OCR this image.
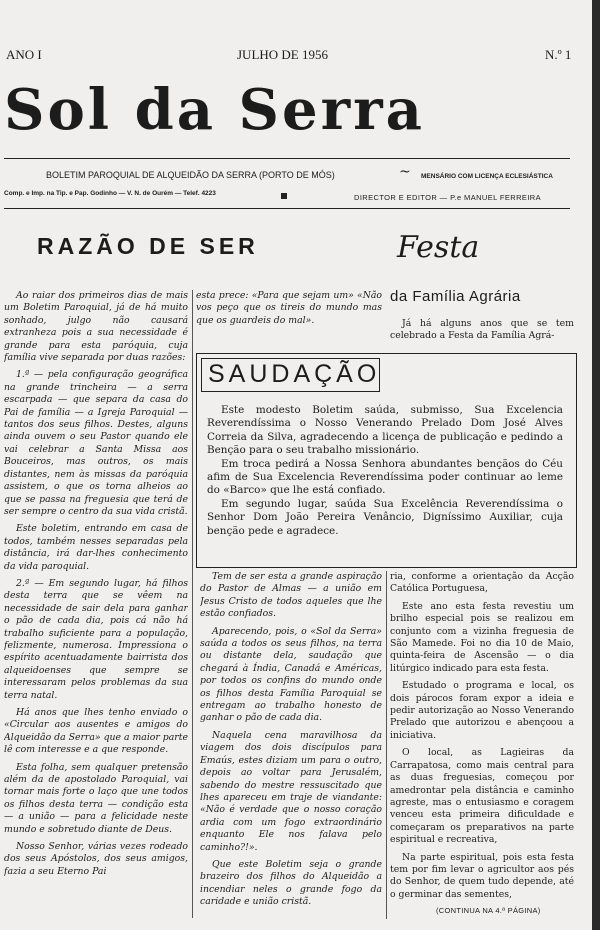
ANO I	JULHO DE 1956	N.º 1
Sol da Serra
BOLETIM PAROQUIAL DE ALQUEIDÃO DA SERRA (PORTO DE MÓS)	~ MENSÁRIO COM LICENÇA ECLESIÁSTICA
Comp. e Imp. na Tip. e Pap. Godinho — V. N. de Ourém — Telef. 4223	DIRECTOR E EDITOR — P.e MANUEL FERREIRA
RAZÃO DE SER

Ao raiar dos primeiros dias de mais um Boletim Paroquial, já de há muito sonhado, julgo não causará extranheza pois a sua necessidade é grande para esta paróquia, cuja família vive separada por duas razões:

1.ª — pela configuração geográfica na grande trincheira — a serra escarpada — que separa da casa do Pai de família — a Igreja Paroquial — tantos dos seus filhos. Destes, alguns ainda ouvem o seu Pastor quando ele vai celebrar a Santa Missa aos Bouceiros, mas outros, os mais distantes, nem às missas da paróquia assistem, o que os torna alheios ao que se passa na freguesia que terá de ser sempre o centro da sua vida cristã.

Este boletim, entrando em casa de todos, também nesses separadas pela distância, irá dar-lhes conhecimento da vida paroquial.

2.ª — Em segundo lugar, há filhos desta terra que se vêem na necessidade de sair dela para ganhar o pão de cada dia, pois cá não há trabalho suficiente para a população, felizmente, numerosa. Impressiona o espírito acentuadamente bairrista dos alqueidoenses que sempre se interessaram pelos problemas da sua terra natal.

Há anos que lhes tenho enviado o «Circular aos ausentes e amigos do Alqueidão da Serra» que a maior parte lê com interesse e a que responde.

Esta folha, sem qualquer pretensão além da de apostolado Paroquial, vai tornar mais forte o laço que une todos os filhos desta terra — condição esta — a união — para a felicidade neste mundo e sobretudo diante de Deus.

Nosso Senhor, várias vezes rodeado dos seus Apóstolos, dos seus amigos, fazia a seu Eterno Pai

esta prece: «Para que sejam um» «Não vos peço que os tireis do mundo mas que os guardeis do mal».

Festa
da Família Agrária

Já há alguns anos que se tem celebrado a Festa da Família Agrá-

SAUDAÇÃO

Este modesto Boletim saúda, submisso, Sua Excelencia Reverendíssima o Nosso Venerando Prelado Dom José Alves Correia da Silva, agradecendo a licença de publicação e pedindo a Benção para o seu trabalho missionário.

Em troca pedirá a Nossa Senhora abundantes bençãos do Céu afim de Sua Excelencia Reverendíssima poder continuar ao leme do «Barco» que lhe está confiado.

Em segundo lugar, saúda Sua Excelência Reverendíssima o Senhor Dom João Pereira Venâncio, Digníssimo Auxiliar, cuja benção pede e agradece.

Tem de ser esta a grande aspiração do Pastor de Almas — a união em Jesus Cristo de todos aqueles que lhe estão confiados.

Aparecendo, pois, o «Sol da Serra» saúda a todos os seus filhos, na terra ou distante dela, saudação que chegará à Índia, Canadá e Américas, por todos os confins do mundo onde os filhos desta Família Paroquial se entregam ao trabalho honesto de ganhar o pão de cada dia.

Naquela cena maravilhosa da viagem dos dois discípulos para Emaús, estes diziam um para o outro, depois ao voltar para Jerusalém, sabendo do mestre ressuscitado que lhes apareceu em traje de viandante: «Não é verdade que o nosso coração ardia com um fogo extraordinário enquanto Ele nos falava pelo caminho?!».

Que este Boletim seja o grande brazeiro dos filhos do Alqueidão a incendiar neles o grande fogo da caridade e união cristã.

ria, conforme a orientação da Acção Católica Portuguesa,

Este ano esta festa revestiu um brilho especial pois se realizou em conjunto com a vizinha freguesia de São Mamede. Foi no dia 10 de Maio, quinta-feira de Ascensão — o dia litúrgico indicado para esta festa.

Estudado o programa e local, os dois párocos foram expor a ideia e pedir autorização ao Nosso Venerando Prelado que autorizou e abençoou a iniciativa.

O local, as Lagieiras da Carrapatosa, como mais central para as duas freguesias, começou por amedrontar pela distância e caminho agreste, mas o entusiasmo e coragem venceu esta primeira dificuldade e começaram os preparativos na parte espiritual e recreativa,

Na parte espiritual, pois esta festa tem por fim levar o agricultor aos pés do Senhor, de quem tudo depende, até o germinar das sementes,

(CONTINUA NA 4.ª PÁGINA)
